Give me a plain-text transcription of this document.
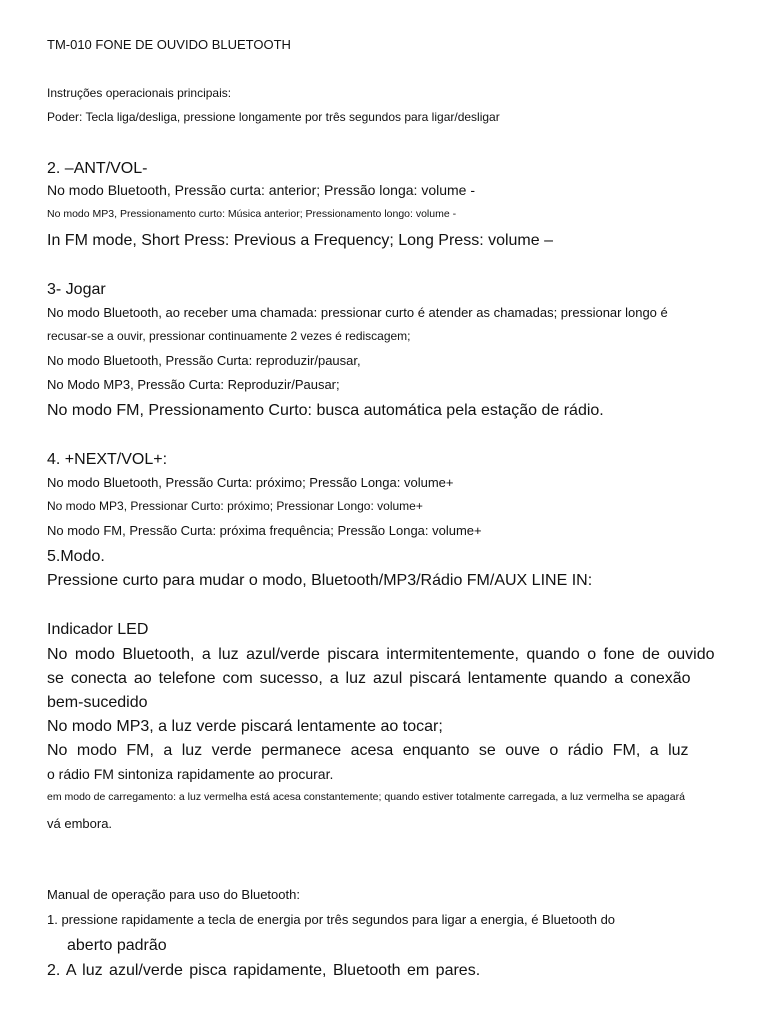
TM-010 FONE DE OUVIDO BLUETOOTH
Instruções operacionais principais:
Poder: Tecla liga/desliga, pressione longamente por três segundos para ligar/desligar
2. –ANT/VOL-
No modo Bluetooth, Pressão curta: anterior; Pressão longa: volume -
No modo MP3, Pressionamento curto: Música anterior; Pressionamento longo: volume -
In FM mode, Short Press: Previous a Frequency; Long Press: volume –
3- Jogar
No modo Bluetooth, ao receber uma chamada: pressionar curto é atender as chamadas; pressionar longo é
recusar-se a ouvir, pressionar continuamente 2 vezes é rediscagem;
No modo Bluetooth, Pressão Curta: reproduzir/pausar,
No Modo MP3, Pressão Curta: Reproduzir/Pausar;
No modo FM, Pressionamento Curto: busca automática pela estação de rádio.
4. +NEXT/VOL+:
No modo Bluetooth, Pressão Curta: próximo; Pressão Longa: volume+
No modo MP3, Pressionar Curto: próximo; Pressionar Longo: volume+
No modo FM, Pressão Curta: próxima frequência; Pressão Longa: volume+
5.Modo.
Pressione curto para mudar o modo, Bluetooth/MP3/Rádio FM/AUX LINE IN:
Indicador LED
No modo Bluetooth, a luz azul/verde piscara intermitentemente, quando o fone de ouvido
se conecta ao telefone com sucesso, a luz azul piscará lentamente quando a conexão
bem-sucedido
No modo MP3, a luz verde piscará lentamente ao tocar;
No modo FM, a luz verde permanece acesa enquanto se ouve o rádio FM, a luz
o rádio FM sintoniza rapidamente ao procurar.
em modo de carregamento: a luz vermelha está acesa constantemente; quando estiver totalmente carregada, a luz vermelha se apagará
vá embora.
Manual de operação para uso do Bluetooth:
1. pressione rapidamente a tecla de energia por três segundos para ligar a energia, é Bluetooth do
aberto padrão
2. A luz azul/verde pisca rapidamente, Bluetooth em pares.
